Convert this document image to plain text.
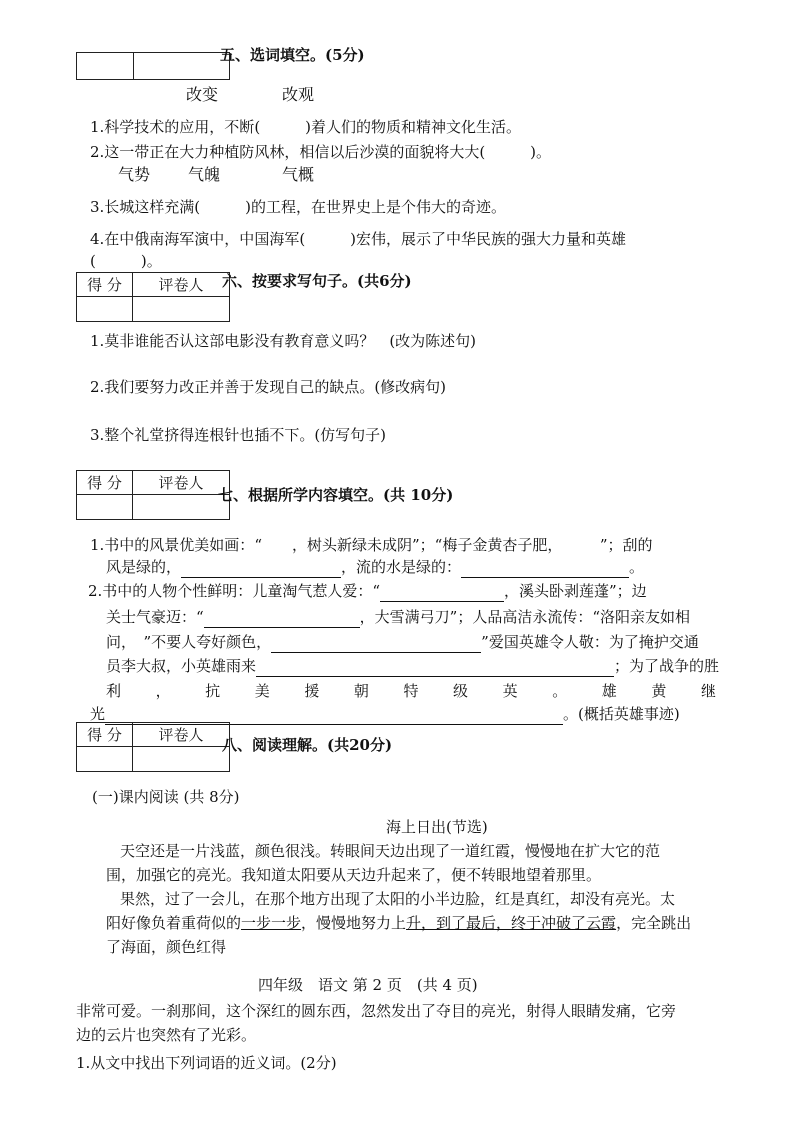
五、选词填空。(5分)
改变	改观
1.科学技术的应用，不断(　　　)着人们的物质和精神文化生活。
2.这一带正在大力种植防风林，相信以后沙漠的面貌将大大(　　　)。
气势 气魄	气概
3.长城这样充满(　　　)的工程，在世界史上是个伟大的奇迹。
4.在中俄南海军演中，中国海军(　　　)宏伟，展示了中华民族的强大力量和英雄
(　　　)。
得 分	评卷人	六、按要求写句子。(共6分)
1.莫非谁能否认这部电影没有教育意义吗？　(改为陈述句)
2.我们要努力改正并善于发现自己的缺点。(修改病句)
3.整个礼堂挤得连根针也插不下。(仿写句子)
得 分	评卷人
七、根据所学内容填空。(共 10分)
1.书中的风景优美如画：“　　，树头新绿未成阴”；“梅子金黄杏子肥，　　　”；刮的
风是绿的，	，流的水是绿的：	。
2.书中的人物个性鲜明：儿童淘气惹人爱：“	，溪头卧剥莲蓬”；边
关士气豪迈：“	，大雪满弓刀”；人品高洁永流传：“洛阳亲友如相
问，　”不要人夸好颜色，	”爱国英雄令人敬：为了掩护交通
员李大叔，小英雄雨来	；为了战争的胜
利 ， 抗 美 援 朝 特 级 英 。 雄 黄 继
光	。(概括英雄事迹)
得 分	评卷人
八、阅读理解。(共20分)
(一)课内阅读 (共 8分)
海上日出(节选)
天空还是一片浅蓝，颜色很浅。转眼间天边出现了一道红霞，慢慢地在扩大它的范
围，加强它的亮光。我知道太阳要从天边升起来了，便不转眼地望着那里。
果然，过了一会儿，在那个地方出现了太阳的小半边脸，红是真红，却没有亮光。太
阳好像负着重荷似的一步一步，慢慢地努力上升，到了最后，终于冲破了云霞，完全跳出
了海面，颜色红得
四年级　语文 第 2 页　(共 4 页)
非常可爱。一刹那间，这个深红的圆东西，忽然发出了夺目的亮光，射得人眼睛发痛，它旁
边的云片也突然有了光彩。
1.从文中找出下列词语的近义词。(2分)
